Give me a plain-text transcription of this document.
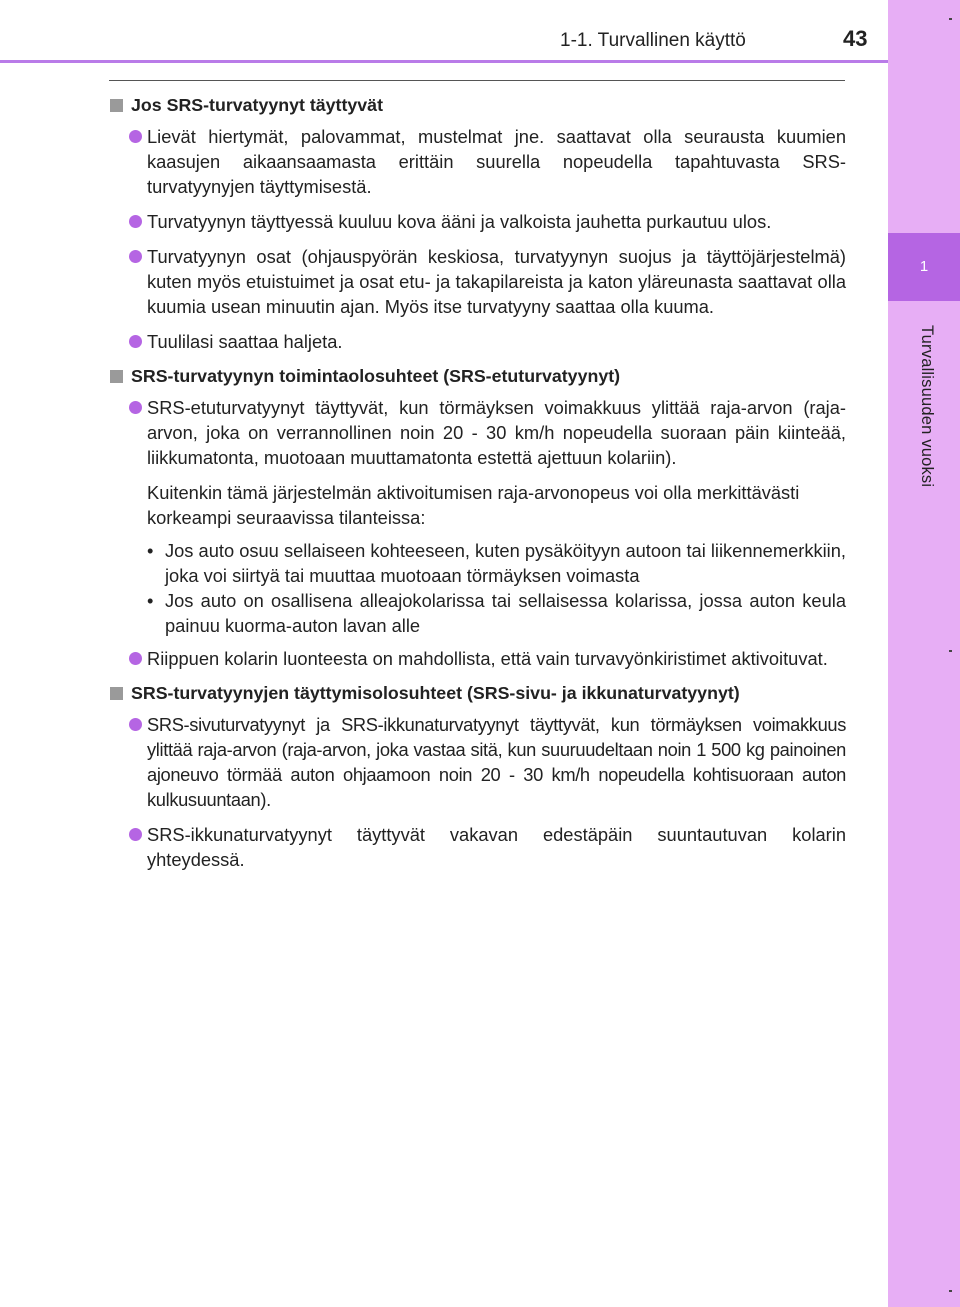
1-1. Turvallinen käyttö	43
1
Turvallisuuden vuoksi
Jos SRS-turvatyynyt täyttyvät
Lievät hiertymät, palovammat, mustelmat jne. saattavat olla seurausta kuumien kaasujen aikaansaamasta erittäin suurella nopeudella tapahtuvasta SRS-turvatyynyjen täyttymisestä.
Turvatyynyn täyttyessä kuuluu kova ääni ja valkoista jauhetta purkautuu ulos.
Turvatyynyn osat (ohjauspyörän keskiosa, turvatyynyn suojus ja täyttöjärjestelmä) kuten myös etuistuimet ja osat etu- ja takapilareista ja katon yläreunasta saattavat olla kuumia usean minuutin ajan. Myös itse turvatyyny saattaa olla kuuma.
Tuulilasi saattaa haljeta.
SRS-turvatyynyn toimintaolosuhteet (SRS-etuturvatyynyt)
SRS-etuturvatyynyt täyttyvät, kun törmäyksen voimakkuus ylittää raja-arvon (raja-arvon, joka on verrannollinen noin 20 - 30 km/h nopeudella suoraan päin kiinteää, liikkumatonta, muotoaan muuttamatonta estettä ajettuun kolariin).
Kuitenkin tämä järjestelmän aktivoitumisen raja-arvonopeus voi olla merkittävästi korkeampi seuraavissa tilanteissa:
• Jos auto osuu sellaiseen kohteeseen, kuten pysäköityyn autoon tai liikennemerkkiin, joka voi siirtyä tai muuttaa muotoaan törmäyksen voimasta
• Jos auto on osallisena alleajokolarissa tai sellaisessa kolarissa, jossa auton keula painuu kuorma-auton lavan alle
Riippuen kolarin luonteesta on mahdollista, että vain turvavyönkiristimet aktivoituvat.
SRS-turvatyynyjen täyttymisolosuhteet (SRS-sivu- ja ikkunaturvatyynyt)
SRS-sivuturvatyynyt ja SRS-ikkunaturvatyynyt täyttyvät, kun törmäyksen voimakkuus ylittää raja-arvon (raja-arvon, joka vastaa sitä, kun suuruudeltaan noin 1 500 kg painoinen ajoneuvo törmää auton ohjaamoon noin 20 - 30 km/h nopeudella kohtisuoraan auton kulkusuuntaan).
SRS-ikkunaturvatyynyt täyttyvät vakavan edestäpäin suuntautuvan kolarin yhteydessä.
